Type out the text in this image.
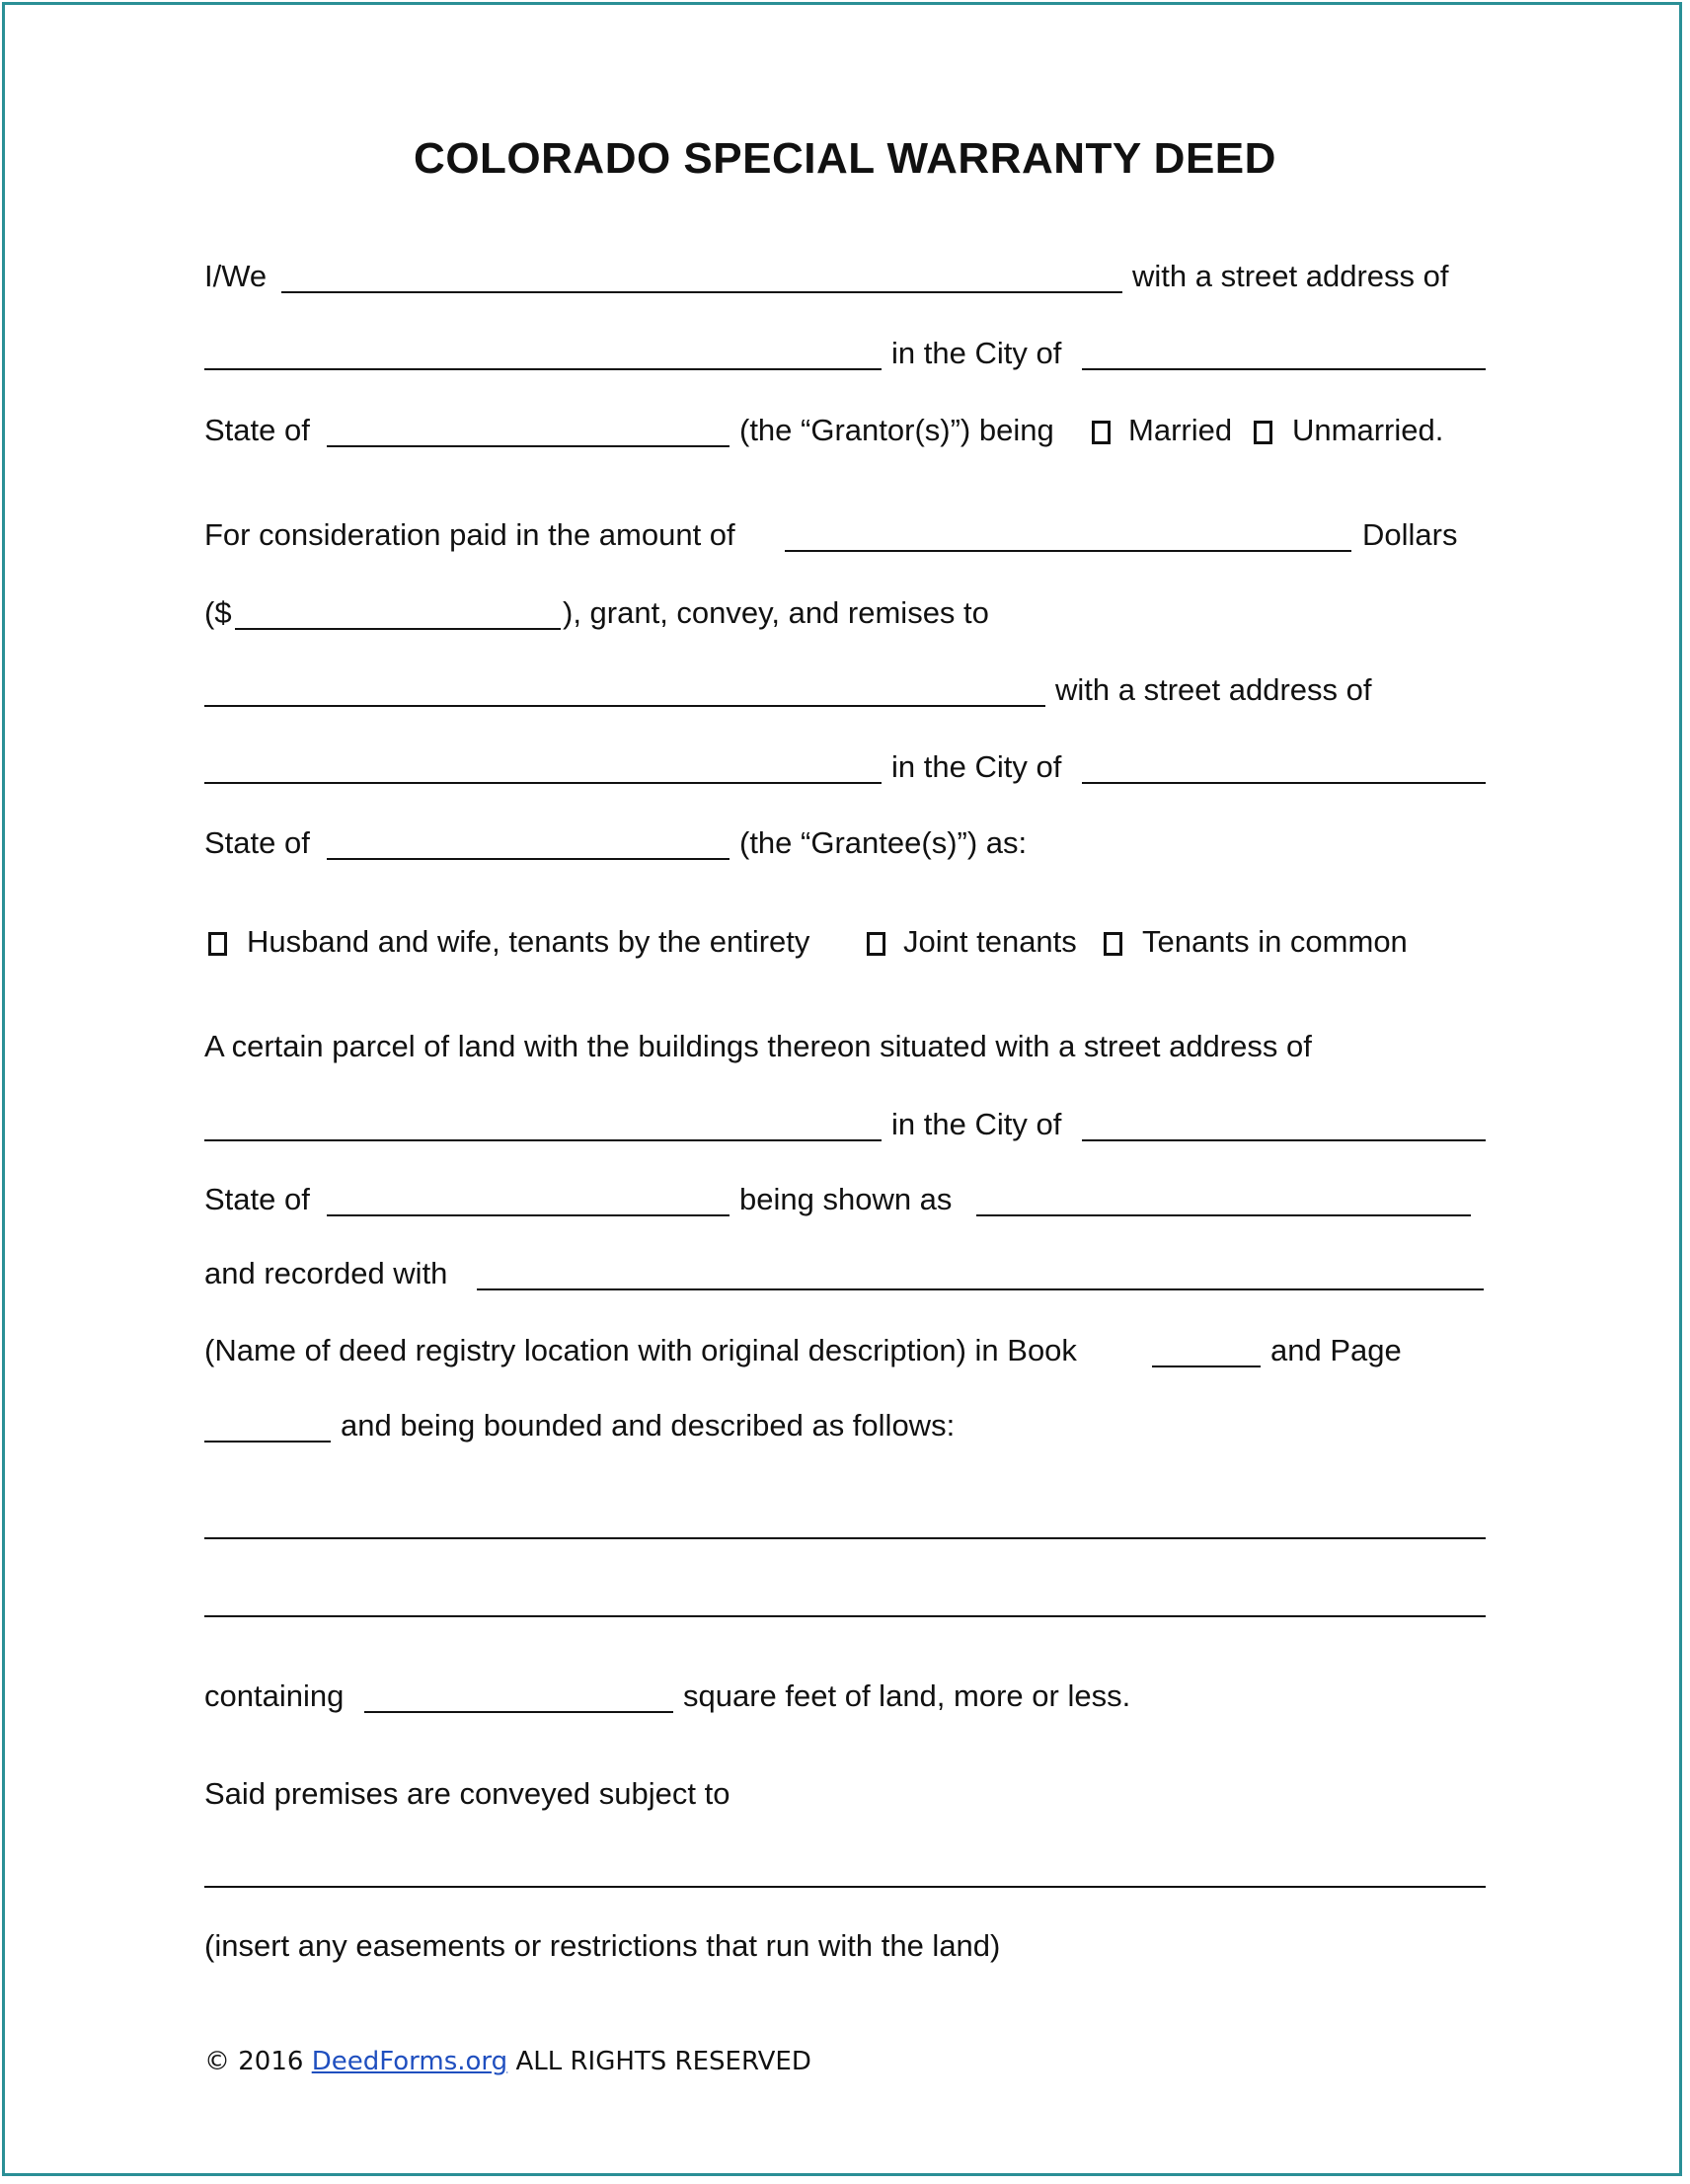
COLORADO SPECIAL WARRANTY DEED
I/We	with a street address of
in the City of
State of	(the “Grantor(s)”) being Married Unmarried.
For consideration paid in the amount of	Dollars
($	), grant, convey, and remises to
with a street address of
in the City of
State of	(the “Grantee(s)”) as:
Husband and wife, tenants by the entirety	Joint tenants Tenants in common
A certain parcel of land with the buildings thereon situated with a street address of
in the City of
State of	being shown as
and recorded with
(Name of deed registry location with original description) in Book	and Page
and being bounded and described as follows:
containing	square feet of land, more or less.
Said premises are conveyed subject to
(insert any easements or restrictions that run with the land)
© 2016 DeedForms.org ALL RIGHTS RESERVED
